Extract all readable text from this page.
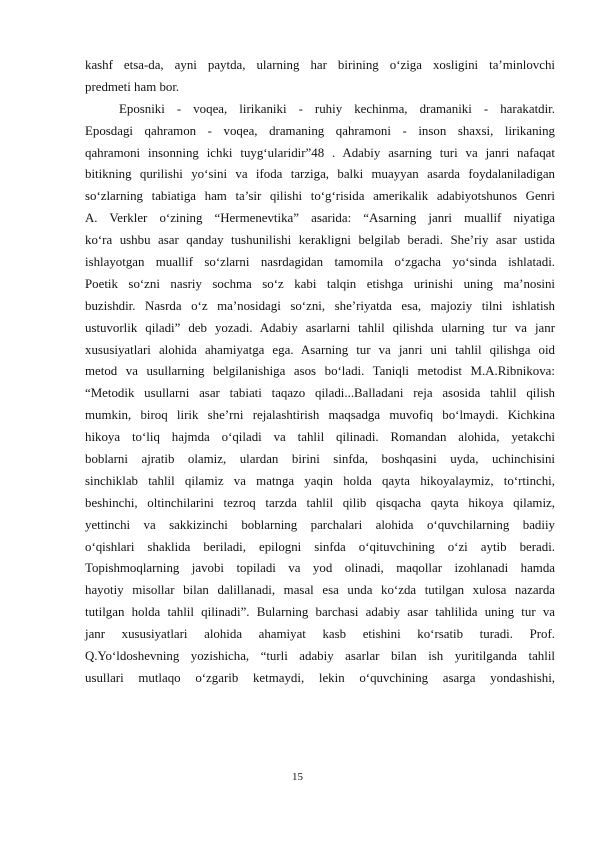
kashf etsa-da, ayni paytda, ularning har birining o‘ziga xosligini ta’minlovchi
predmeti ham bor.
Eposniki - voqea, lirikaniki - ruhiy kechinma, dramaniki - harakatdir.
Eposdagi qahramon - voqea, dramaning qahramoni - inson shaxsi, lirikaning
qahramoni insonning ichki tuyg‘ularidir”48 . Adabiy asarning turi va janri nafaqat
bitikning qurilishi yo‘sini va ifoda tarziga, balki muayyan asarda foydalaniladigan
so‘zlarning tabiatiga ham ta’sir qilishi to‘g‘risida amerikalik adabiyotshunos Genri
A. Verkler o‘zining “Hermenevtika” asarida: “Asarning janri muallif niyatiga
ko‘ra ushbu asar qanday tushunilishi kerakligni belgilab beradi. She’riy asar ustida
ishlayotgan muallif so‘zlarni nasrdagidan tamomila o‘zgacha yo‘sinda ishlatadi.
Poetik so‘zni nasriy sochma so‘z kabi talqin etishga urinishi uning ma’nosini
buzishdir. Nasrda o‘z ma’nosidagi so‘zni, she’riyatda esa, majoziy tilni ishlatish
ustuvorlik qiladi” deb yozadi. Adabiy asarlarni tahlil qilishda ularning tur va janr
xususiyatlari alohida ahamiyatga ega. Asarning tur va janri uni tahlil qilishga oid
metod va usullarning belgilanishiga asos bo‘ladi. Taniqli metodist M.A.Ribnikova:
“Metodik usullarni asar tabiati taqazo qiladi...Balladani reja asosida tahlil qilish
mumkin, biroq lirik she’rni rejalashtirish maqsadga muvofiq bo‘lmaydi. Kichkina
hikoya to‘liq hajmda o‘qiladi va tahlil qilinadi. Romandan alohida, yetakchi
boblarni ajratib olamiz, ulardan birini sinfda, boshqasini uyda, uchinchisini
sinchiklab tahlil qilamiz va matnga yaqin holda qayta hikoyalaymiz, to‘rtinchi,
beshinchi, oltinchilarini tezroq tarzda tahlil qilib qisqacha qayta hikoya qilamiz,
yettinchi va sakkizinchi boblarning parchalari alohida o‘quvchilarning badiiy
o‘qishlari shaklida beriladi, epilogni sinfda o‘qituvchining o‘zi aytib beradi.
Topishmoqlarning javobi topiladi va yod olinadi, maqollar izohlanadi hamda
hayotiy misollar bilan dalillanadi, masal esa unda ko‘zda tutilgan xulosa nazarda
tutilgan holda tahlil qilinadi”. Bularning barchasi adabiy asar tahlilida uning tur va
janr xususiyatlari alohida ahamiyat kasb etishini ko‘rsatib turadi. Prof.
Q.Yo‘ldoshevning yozishicha, “turli adabiy asarlar bilan ish yuritilganda tahlil
usullari mutlaqo o‘zgarib ketmaydi, lekin o‘quvchining asarga yondashishi,
15
